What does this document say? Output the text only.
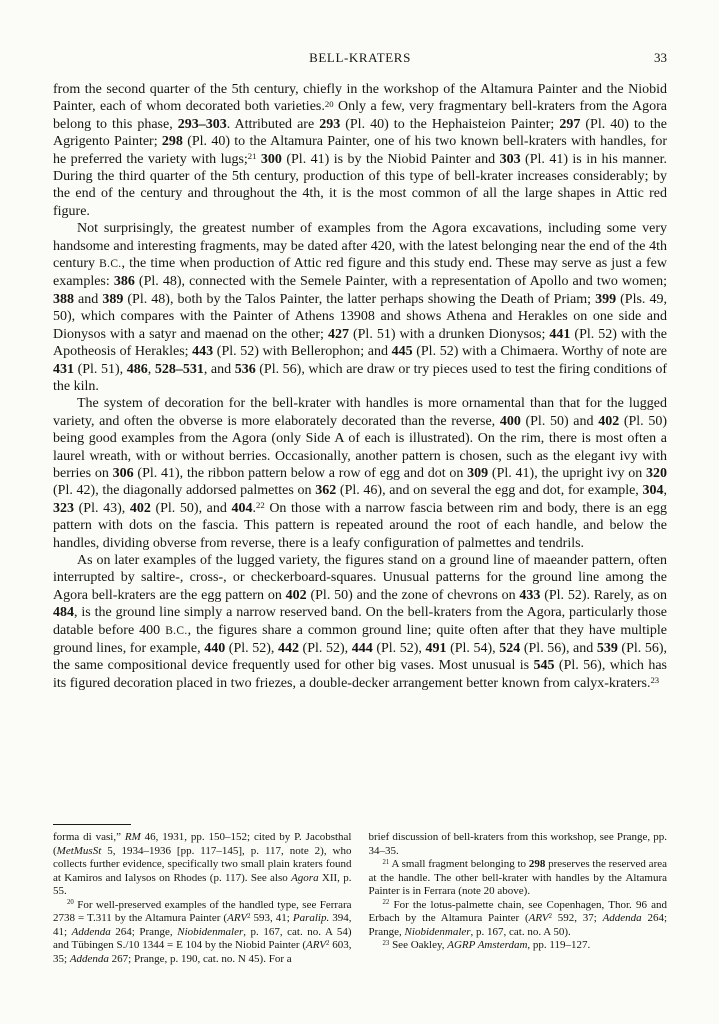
BELL-KRATERS	33

from the second quarter of the 5th century, chiefly in the workshop of the Altamura Painter and the Niobid Painter, each of whom decorated both varieties.$^{20}$ Only a few, very fragmentary bell-kraters from the Agora belong to this phase, 293–303. Attributed are 293 (Pl. 40) to the Hephaisteion Painter; 297 (Pl. 40) to the Agrigento Painter; 298 (Pl. 40) to the Altamura Painter, one of his two known bell-kraters with handles, for he preferred the variety with lugs;$^{21}$ 300 (Pl. 41) is by the Niobid Painter and 303 (Pl. 41) is in his manner. During the third quarter of the 5th century, production of this type of bell-krater increases considerably; by the end of the century and throughout the 4th, it is the most common of all the large shapes in Attic red figure.

Not surprisingly, the greatest number of examples from the Agora excavations, including some very handsome and interesting fragments, may be dated after 420, with the latest belonging near the end of the 4th century B.C., the time when production of Attic red figure and this study end. These may serve as just a few examples: 386 (Pl. 48), connected with the Semele Painter, with a representation of Apollo and two women; 388 and 389 (Pl. 48), both by the Talos Painter, the latter perhaps showing the Death of Priam; 399 (Pls. 49, 50), which compares with the Painter of Athens 13908 and shows Athena and Herakles on one side and Dionysos with a satyr and maenad on the other; 427 (Pl. 51) with a drunken Dionysos; 441 (Pl. 52) with the Apotheosis of Herakles; 443 (Pl. 52) with Bellerophon; and 445 (Pl. 52) with a Chimaera. Worthy of note are 431 (Pl. 51), 486, 528–531, and 536 (Pl. 56), which are draw or try pieces used to test the firing conditions of the kiln.

The system of decoration for the bell-krater with handles is more ornamental than that for the lugged variety, and often the obverse is more elaborately decorated than the reverse, 400 (Pl. 50) and 402 (Pl. 50) being good examples from the Agora (only Side A of each is illustrated). On the rim, there is most often a laurel wreath, with or without berries. Occasionally, another pattern is chosen, such as the elegant ivy with berries on 306 (Pl. 41), the ribbon pattern below a row of egg and dot on 309 (Pl. 41), the upright ivy on 320 (Pl. 42), the diagonally addorsed palmettes on 362 (Pl. 46), and on several the egg and dot, for example, 304, 323 (Pl. 43), 402 (Pl. 50), and 404.22 On those with a narrow fascia between rim and body, there is an egg pattern with dots on the fascia. This pattern is repeated around the root of each handle, and below the handles, dividing obverse from reverse, there is a leafy configuration of palmettes and tendrils.

As on later examples of the lugged variety, the figures stand on a ground line of maeander pattern, often interrupted by saltire-, cross-, or checkerboard-squares. Unusual patterns for the ground line among the Agora bell-kraters are the egg pattern on 402 (Pl. 50) and the zone of chevrons on 433 (Pl. 52). Rarely, as on 484, is the ground line simply a narrow reserved band. On the bell-kraters from the Agora, particularly those datable before 400 B.C., the figures share a common ground line; quite often after that they have multiple ground lines, for example, 440 (Pl. 52), 442 (Pl. 52), 444 (Pl. 52), 491 (Pl. 54), 524 (Pl. 56), and 539 (Pl. 56), the same compositional device frequently used for other big vases. Most unusual is 545 (Pl. 56), which has its figured decoration placed in two friezes, a double-decker arrangement better known from calyx-kraters.$^{23}$

forma di vasi,” RM 46, 1931, pp. 150–152; cited by P. Jacobsthal (MetMusSt 5, 1934–1936 [pp. 117–145], p. 117, note 2), who collects further evidence, specifically two small plain kraters found at Kamiros and Ialysos on Rhodes (p. 117). See also Agora XII, p. 55.

$^{20}$ For well-preserved examples of the handled type, see Ferrara 2738 = T.311 by the Altamura Painter (ARV$^2$ 593, 41; Paralip. 394, 41; Addenda 264; Prange, Niobidenmaler, p. 167, cat. no. A 54) and Tübingen S./10 1344 = E 104 by the Niobid Painter (ARV$^2$ 603, 35; Addenda 267; Prange, p. 190, cat. no. N 45). For a

brief discussion of bell-kraters from this workshop, see Prange, pp. 34–35.

$^{21}$ A small fragment belonging to 298 preserves the reserved area at the handle. The other bell-krater with handles by the Altamura Painter is in Ferrara (note 20 above).

$^{22}$ For the lotus-palmette chain, see Copenhagen, Thor. 96 and Erbach by the Altamura Painter (ARV$^2$ 592, 37; Addenda 264; Prange, Niobidenmaler, p. 167, cat. no. A 50).

$^{23}$ See Oakley, AGRP Amsterdam, pp. 119–127.
